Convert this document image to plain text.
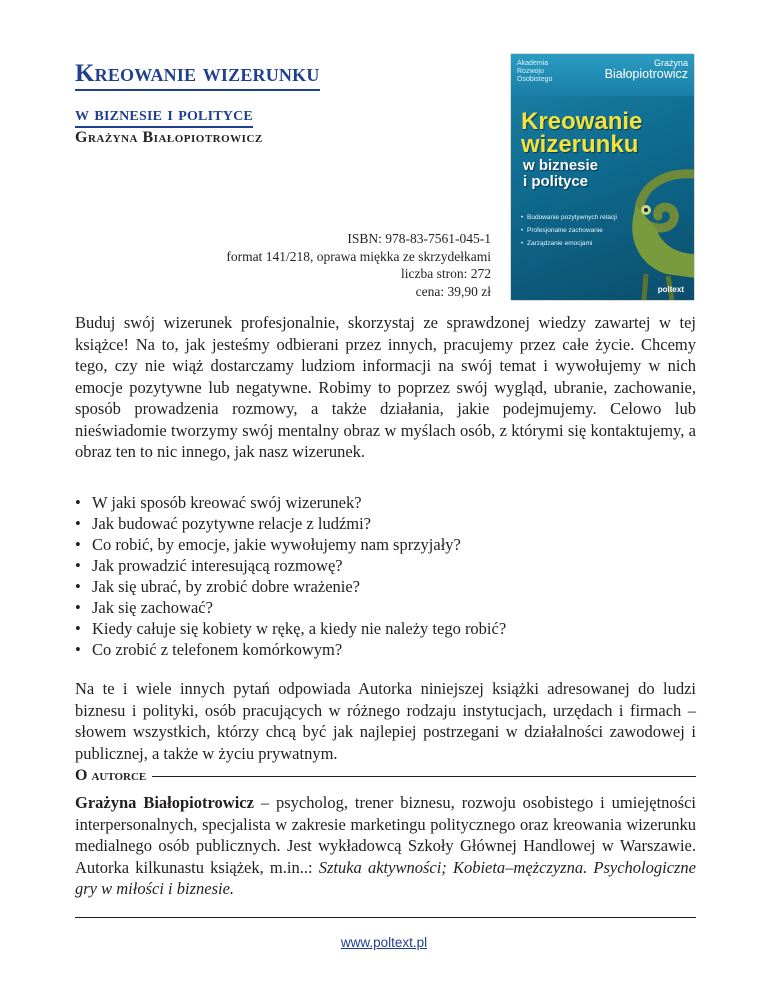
Kreowanie wizerunku
w biznesie i polityce
Grażyna Białopiotrowicz
ISBN: 978-83-7561-045-1
format 141/218, oprawa miękka ze skrzydełkami
liczba stron: 272
cena: 39,90 zł
Akademia
Rozwoju
Osobistego
Grażyna
Białopiotrowicz
Kreowanie
wizerunku
w biznesie
i polityce
• Budowanie pozytywnych relacji
• Profesjonalne zachowanie
• Zarządzanie emocjami
poltext

Buduj swój wizerunek profesjonalnie, skorzystaj ze sprawdzonej wiedzy zawartej w tej książce! Na to, jak jesteśmy odbierani przez innych, pracujemy przez całe życie. Chcemy tego, czy nie wiąż dostarczamy ludziom informacji na swój temat i wywołujemy w nich emocje pozytywne lub negatywne. Robimy to poprzez swój wygląd, ubranie, zachowanie, sposób prowadzenia rozmowy, a także działania, jakie podejmujemy. Celowo lub nieświadomie tworzymy swój mentalny obraz w myślach osób, z którymi się kontaktujemy, a obraz ten to nic innego, jak nasz wizerunek.

• W jaki sposób kreować swój wizerunek?
• Jak budować pozytywne relacje z ludźmi?
• Co robić, by emocje, jakie wywołujemy nam sprzyjały?
• Jak prowadzić interesującą rozmowę?
• Jak się ubrać, by zrobić dobre wrażenie?
• Jak się zachować?
• Kiedy całuje się kobiety w rękę, a kiedy nie należy tego robić?
• Co zrobić z telefonem komórkowym?

Na te i wiele innych pytań odpowiada Autorka niniejszej książki adresowanej do ludzi biznesu i polityki, osób pracujących w różnego rodzaju instytucjach, urzędach i firmach – słowem wszystkich, którzy chcą być jak najlepiej postrzegani w działalności zawodowej i publicznej, a także w życiu prywatnym.

O autorce

Grażyna Białopiotrowicz – psycholog, trener biznesu, rozwoju osobistego i umiejętności interpersonalnych, specjalista w zakresie marketingu politycznego oraz kreowania wizerunku medialnego osób publicznych. Jest wykładowcą Szkoły Głównej Handlowej w Warszawie. Autorka kilkunastu książek, m.in..: Sztuka aktywności; Kobieta–mężczyzna. Psychologiczne gry w miłości i biznesie.

www.poltext.pl
